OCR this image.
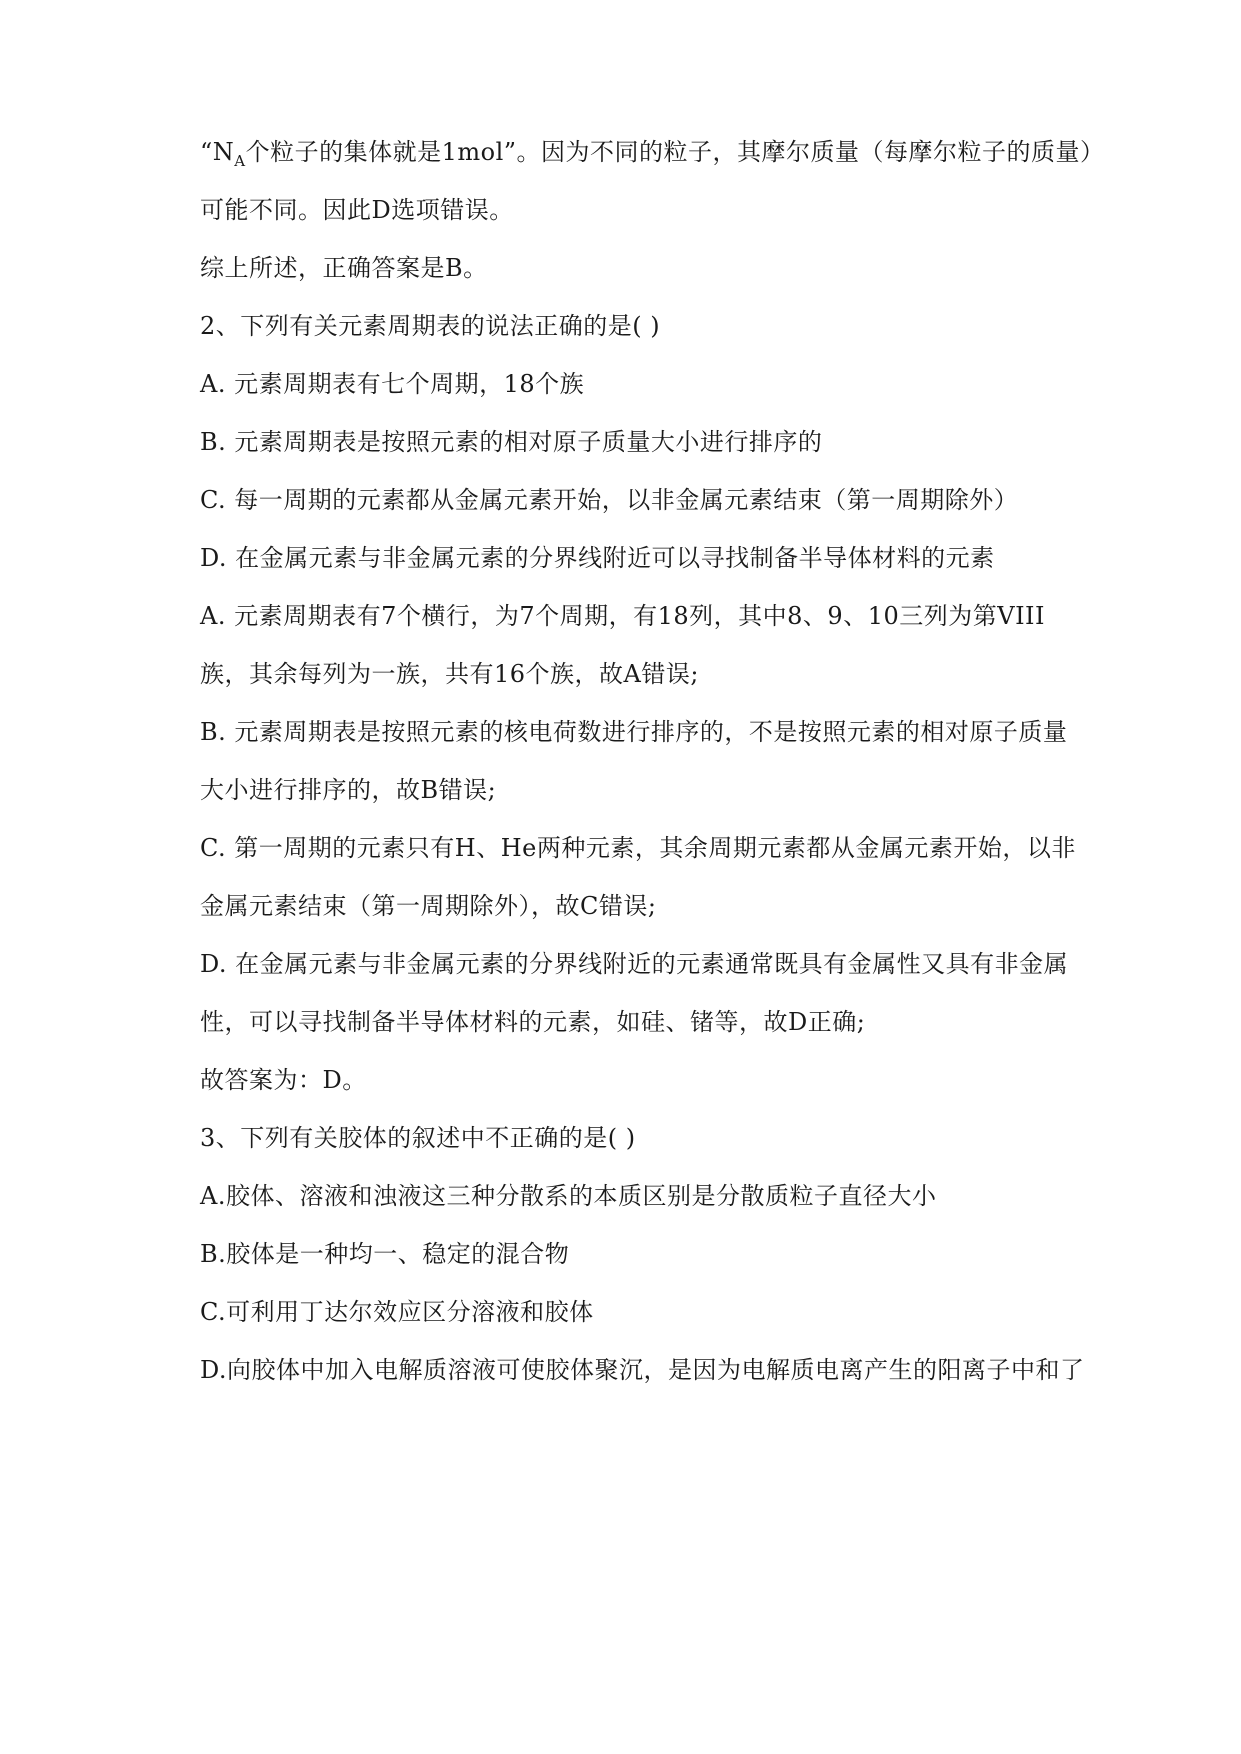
“$N_A$个粒子的集体就是1mol”。因为不同的粒子，其摩尔质量（每摩尔粒子的质量）
可能不同。因此D选项错误。
综上所述，正确答案是B。
2、下列有关元素周期表的说法正确的是( )
A. 元素周期表有七个周期，18个族
B. 元素周期表是按照元素的相对原子质量大小进行排序的
C. 每一周期的元素都从金属元素开始，以非金属元素结束（第一周期除外）
D. 在金属元素与非金属元素的分界线附近可以寻找制备半导体材料的元素
A. 元素周期表有7个横行，为7个周期，有18列，其中8、9、10三列为第VIII
族，其余每列为一族，共有16个族，故A错误;
B. 元素周期表是按照元素的核电荷数进行排序的，不是按照元素的相对原子质量
大小进行排序的，故B错误;
C. 第一周期的元素只有H、He两种元素，其余周期元素都从金属元素开始，以非
金属元素结束（第一周期除外），故C错误;
D. 在金属元素与非金属元素的分界线附近的元素通常既具有金属性又具有非金属
性，可以寻找制备半导体材料的元素，如硅、锗等，故D正确;
故答案为：D。
3、下列有关胶体的叙述中不正确的是( )
A.胶体、溶液和浊液这三种分散系的本质区别是分散质粒子直径大小
B.胶体是一种均一、稳定的混合物
C.可利用丁达尔效应区分溶液和胶体
D.向胶体中加入电解质溶液可使胶体聚沉，是因为电解质电离产生的阳离子中和了
